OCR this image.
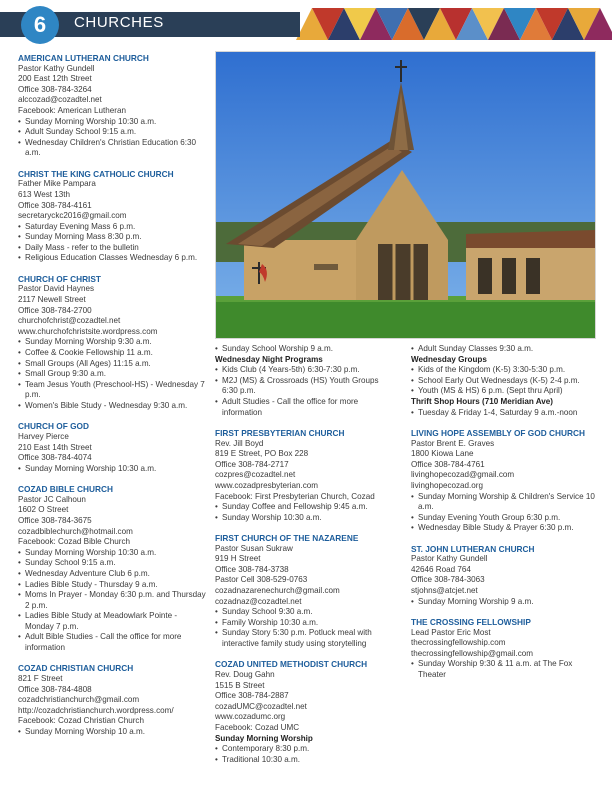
CHURCHES
6
AMERICAN LUTHERAN CHURCH
Pastor Kathy Gundell
200 East 12th Street
Office 308-784-3264
alccozad@cozadtel.net
Facebook: American Lutheran
• Sunday Morning Worship 10:30 a.m.
• Adult Sunday School 9:15 a.m.
• Wednesday Children's Christian Education 6:30 a.m.
CHRIST THE KING CATHOLIC CHURCH
Father Mike Pampara
613 West 13th
Office 308-784-4161
secretaryckc2016@gmail.com
• Saturday Evening Mass 6 p.m.
• Sunday Morning Mass 8:30 p.m.
• Daily Mass - refer to the bulletin
• Religious Education Classes Wednesday 6 p.m.
CHURCH OF CHRIST
Pastor David Haynes
2117 Newell Street
Office 308-784-2700
churchofchrist@cozadtel.net
www.churchofchristsite.wordpress.com
• Sunday Morning Worship 9:30 a.m.
• Coffee & Cookie Fellowship 11 a.m.
• Small Groups (All Ages) 11:15 a.m.
• Small Group 9:30 a.m.
• Team Jesus Youth (Preschool-HS) - Wednesday 7 p.m.
• Women's Bible Study - Wednesday 9:30 a.m.
CHURCH OF GOD
Harvey Pierce
210 East 14th Street
Office 308-784-4074
• Sunday Morning Worship 10:30 a.m.
COZAD BIBLE CHURCH
Pastor JC Calhoun
1602 O Street
Office 308-784-3675
cozadbiblechurch@hotmail.com
Facebook: Cozad Bible Church
• Sunday Morning Worship 10:30 a.m.
• Sunday School 9:15 a.m.
• Wednesday Adventure Club 6 p.m.
• Ladies Bible Study - Thursday 9 a.m.
• Moms In Prayer - Monday 6:30 p.m. and Thursday 2 p.m.
• Ladies Bible Study at Meadowlark Pointe - Monday 7 p.m.
• Adult Bible Studies - Call the office for more information
COZAD CHRISTIAN CHURCH
821 F Street
Office 308-784-4808
cozadchristianchurch@gmail.com
http://cozadchristianchurch.wordpress.com/
Facebook: Cozad Christian Church
• Sunday Morning Worship 10 a.m.
• Sunday School Worship 9 a.m.
Wednesday Night Programs
• Kids Club (4 Years-5th) 6:30-7:30 p.m.
• M2J (MS) & Crossroads (HS) Youth Groups 6:30 p.m.
• Adult Studies - Call the office for more information
FIRST PRESBYTERIAN CHURCH
Rev. Jill Boyd
819 E Street, PO Box 228
Office 308-784-2717
cozpres@cozadtel.net
www.cozadpresbyterian.com
Facebook: First Presbyterian Church, Cozad
• Sunday Coffee and Fellowship 9:45 a.m.
• Sunday Worship 10:30 a.m.
FIRST CHURCH OF THE NAZARENE
Pastor Susan Sukraw
919 H Street
Office 308-784-3738
Pastor Cell 308-529-0763
cozadnazarenechurch@gmail.com
cozadnaz@cozadtel.net
• Sunday School 9:30 a.m.
• Family Worship 10:30 a.m.
• Sunday Story 5:30 p.m. Potluck meal with interactive family study using storytelling
COZAD UNITED METHODIST CHURCH
Rev. Doug Gahn
1515 B Street
Office 308-784-2887
cozadUMC@cozadtel.net
www.cozadumc.org
Facebook: Cozad UMC
Sunday Morning Worship
• Contemporary 8:30 p.m.
• Traditional 10:30 a.m.
• Adult Sunday Classes 9:30 a.m.
Wednesday Groups
• Kids of the Kingdom (K-5) 3:30-5:30 p.m.
• School Early Out Wednesdays (K-5) 2-4 p.m.
• Youth (MS & HS) 6 p.m. (Sept thru April)
Thrift Shop Hours (710 Meridian Ave)
• Tuesday & Friday 1-4, Saturday 9 a.m.-noon
LIVING HOPE ASSEMBLY OF GOD CHURCH
Pastor Brent E. Graves
1800 Kiowa Lane
Office 308-784-4761
livinghopecozad@gmail.com
livinghopecozad.org
• Sunday Morning Worship & Children's Service 10 a.m.
• Sunday Evening Youth Group 6:30 p.m.
• Wednesday Bible Study & Prayer 6:30 p.m.
ST. JOHN LUTHERAN CHURCH
Pastor Kathy Gundell
42646 Road 764
Office 308-784-3063
stjohns@atcjet.net
• Sunday Morning Worship 9 a.m.
THE CROSSING FELLOWSHIP
Lead Pastor Eric Most
thecrossingfellowship.com
thecrossingfellowship@gmail.com
• Sunday Worship 9:30 & 11 a.m. at The Fox Theater
